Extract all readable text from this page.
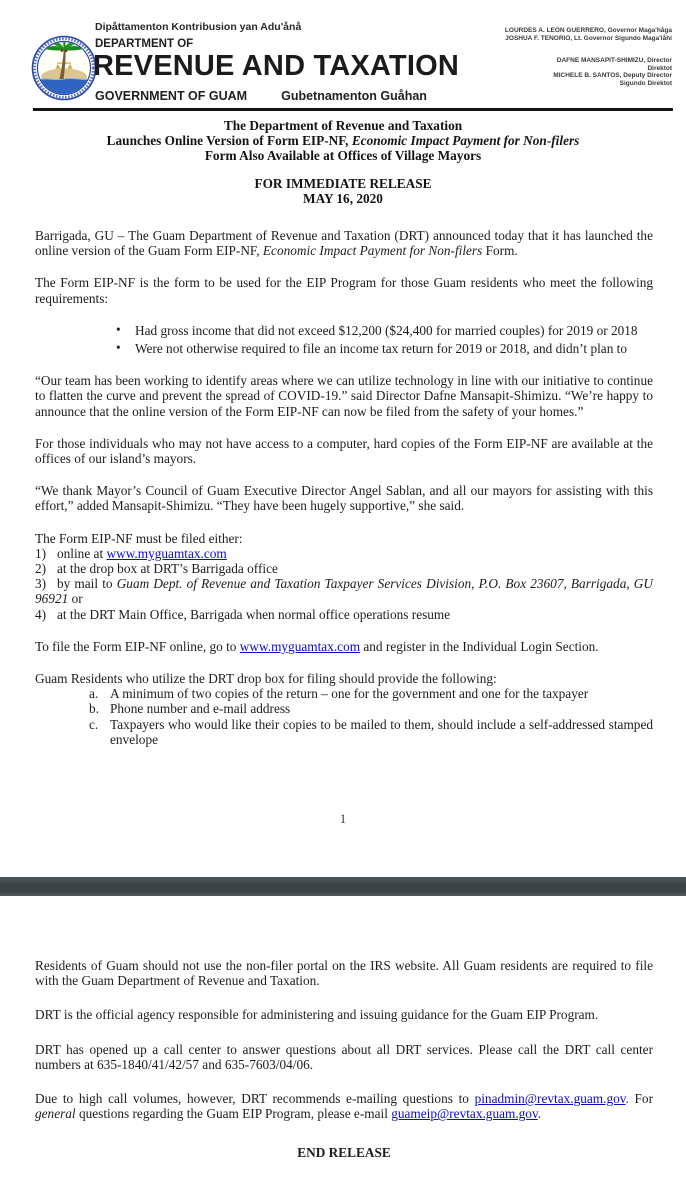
Dipåttamenton Kontribusion yan Adu'ånå
DEPARTMENT OF
REVENUE AND TAXATION
GOVERNMENT OF GUAM	Gubetnamenton Guåhan
LOURDES A. LEON GUERRERO, Governor Maga'håga
JOSHUA F. TENORIO, Lt. Governor Sigundo Maga'låhi
DAFNE MANSAPIT-SHIMIZU, Director
Direktot
MICHELE B. SANTOS, Deputy Director
Sigundo Direktot
The Department of Revenue and Taxation
Launches Online Version of Form EIP-NF, Economic Impact Payment for Non-filers
Form Also Available at Offices of Village Mayors
FOR IMMEDIATE RELEASE
MAY 16, 2020
Barrigada, GU – The Guam Department of Revenue and Taxation (DRT) announced today that it has launched the online version of the Guam Form EIP-NF, Economic Impact Payment for Non-filers Form.
The Form EIP-NF is the form to be used for the EIP Program for those Guam residents who meet the following requirements:
• Had gross income that did not exceed $12,200 ($24,400 for married couples) for 2019 or 2018
• Were not otherwise required to file an income tax return for 2019 or 2018, and didn’t plan to
“Our team has been working to identify areas where we can utilize technology in line with our initiative to continue to flatten the curve and prevent the spread of COVID-19.” said Director Dafne Mansapit-Shimizu. “We’re happy to announce that the online version of the Form EIP-NF can now be filed from the safety of your homes.”
For those individuals who may not have access to a computer, hard copies of the Form EIP-NF are available at the offices of our island’s mayors.
“We thank Mayor’s Council of Guam Executive Director Angel Sablan, and all our mayors for assisting with this effort,” added Mansapit-Shimizu. “They have been hugely supportive,” she said.
The Form EIP-NF must be filed either:
1) online at www.myguamtax.com
2) at the drop box at DRT’s Barrigada office
3) by mail to Guam Dept. of Revenue and Taxation Taxpayer Services Division, P.O. Box 23607, Barrigada, GU 96921 or
4) at the DRT Main Office, Barrigada when normal office operations resume
To file the Form EIP-NF online, go to www.myguamtax.com and register in the Individual Login Section.
Guam Residents who utilize the DRT drop box for filing should provide the following:
a. A minimum of two copies of the return – one for the government and one for the taxpayer
b. Phone number and e-mail address
c. Taxpayers who would like their copies to be mailed to them, should include a self-addressed stamped envelope
1
Residents of Guam should not use the non-filer portal on the IRS website. All Guam residents are required to file with the Guam Department of Revenue and Taxation.
DRT is the official agency responsible for administering and issuing guidance for the Guam EIP Program.
DRT has opened up a call center to answer questions about all DRT services. Please call the DRT call center numbers at 635-1840/41/42/57 and 635-7603/04/06.
Due to high call volumes, however, DRT recommends e-mailing questions to pinadmin@revtax.guam.gov. For general questions regarding the Guam EIP Program, please e-mail guameip@revtax.guam.gov.
END RELEASE
